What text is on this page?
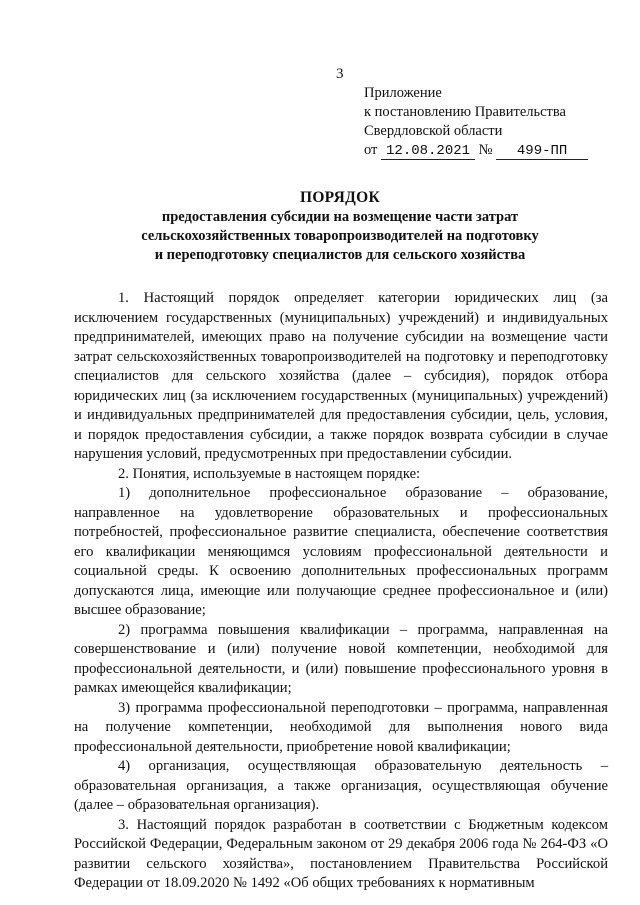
3
Приложение
к постановлению Правительства
Свердловской области
от 12.08.2021 № 499-ПП
ПОРЯДОК
предоставления субсидии на возмещение части затрат
сельскохозяйственных товаропроизводителей на подготовку
и переподготовку специалистов для сельского хозяйства

1. Настоящий порядок определяет категории юридических лиц (за исключением государственных (муниципальных) учреждений) и индивидуальных предпринимателей, имеющих право на получение субсидии на возмещение части затрат сельскохозяйственных товаропроизводителей на подготовку и переподготовку специалистов для сельского хозяйства (далее – субсидия), порядок отбора юридических лиц (за исключением государственных (муниципальных) учреждений) и индивидуальных предпринимателей для предоставления субсидии, цель, условия, и порядок предоставления субсидии, а также порядок возврата субсидии в случае нарушения условий, предусмотренных при предоставлении субсидии.

2. Понятия, используемые в настоящем порядке:

1) дополнительное профессиональное образование – образование, направленное на удовлетворение образовательных и профессиональных потребностей, профессиональное развитие специалиста, обеспечение соответствия его квалификации меняющимся условиям профессиональной деятельности и социальной среды. К освоению дополнительных профессиональных программ допускаются лица, имеющие или получающие среднее профессиональное и (или) высшее образование;

2) программа повышения квалификации – программа, направленная на совершенствование и (или) получение новой компетенции, необходимой для профессиональной деятельности, и (или) повышение профессионального уровня в рамках имеющейся квалификации;

3) программа профессиональной переподготовки – программа, направленная на получение компетенции, необходимой для выполнения нового вида профессиональной деятельности, приобретение новой квалификации;

4) организация, осуществляющая образовательную деятельность – образовательная организация, а также организация, осуществляющая обучение (далее – образовательная организация).

3. Настоящий порядок разработан в соответствии с Бюджетным кодексом Российской Федерации, Федеральным законом от 29 декабря 2006 года № 264-ФЗ «О развитии сельского хозяйства», постановлением Правительства Российской Федерации от 18.09.2020 № 1492 «Об общих требованиях к нормативным
